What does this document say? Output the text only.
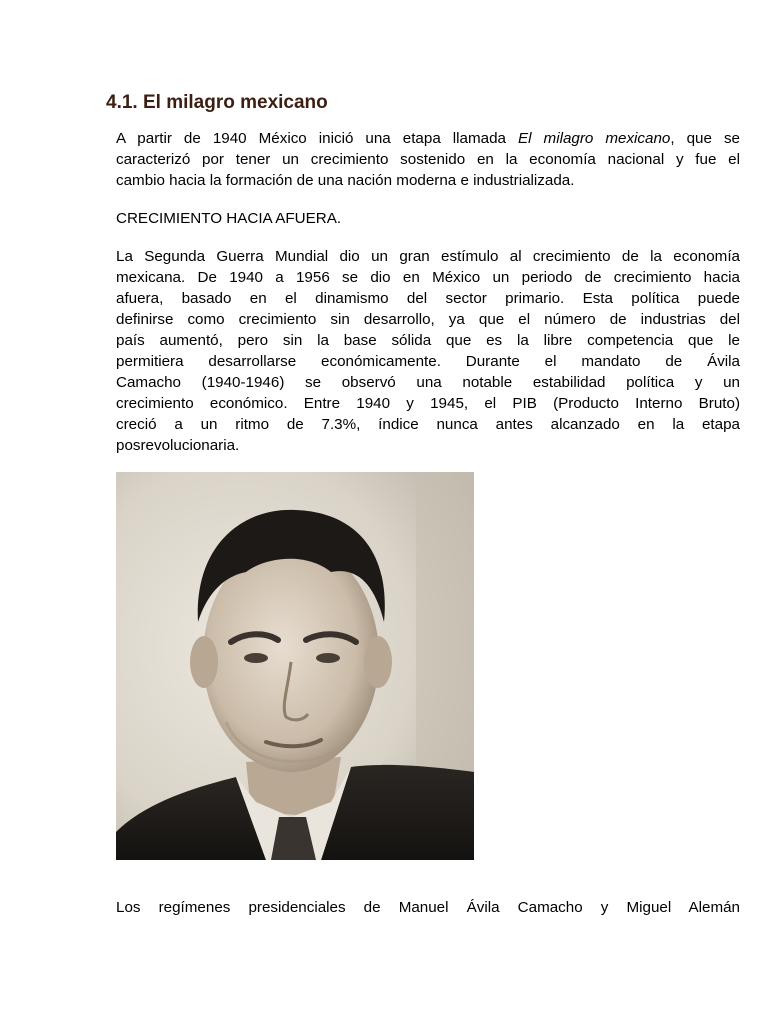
4.1. El milagro mexicano
A partir de 1940 México inició una etapa llamada El milagro mexicano, que se
caracterizó por tener un crecimiento sostenido en la economía nacional y fue el
cambio hacia la formación de una nación moderna e industrializada.
CRECIMIENTO HACIA AFUERA.
La Segunda Guerra Mundial dio un gran estímulo al crecimiento de la economía
mexicana. De 1940 a 1956 se dio en México un periodo de crecimiento hacia
afuera, basado en el dinamismo del sector primario. Esta política puede
definirse como crecimiento sin desarrollo, ya que el número de industrias del
país aumentó, pero sin la base sólida que es la libre competencia que le
permitiera desarrollarse económicamente. Durante el mandato de Ávila
Camacho (1940-1946) se observó una notable estabilidad política y un
crecimiento económico. Entre 1940 y 1945, el PIB (Producto Interno Bruto)
creció a un ritmo de 7.3%, índice nunca antes alcanzado en la etapa
posrevolucionaria.
Los regímenes presidenciales de Manuel Ávila Camacho y Miguel Alemán
